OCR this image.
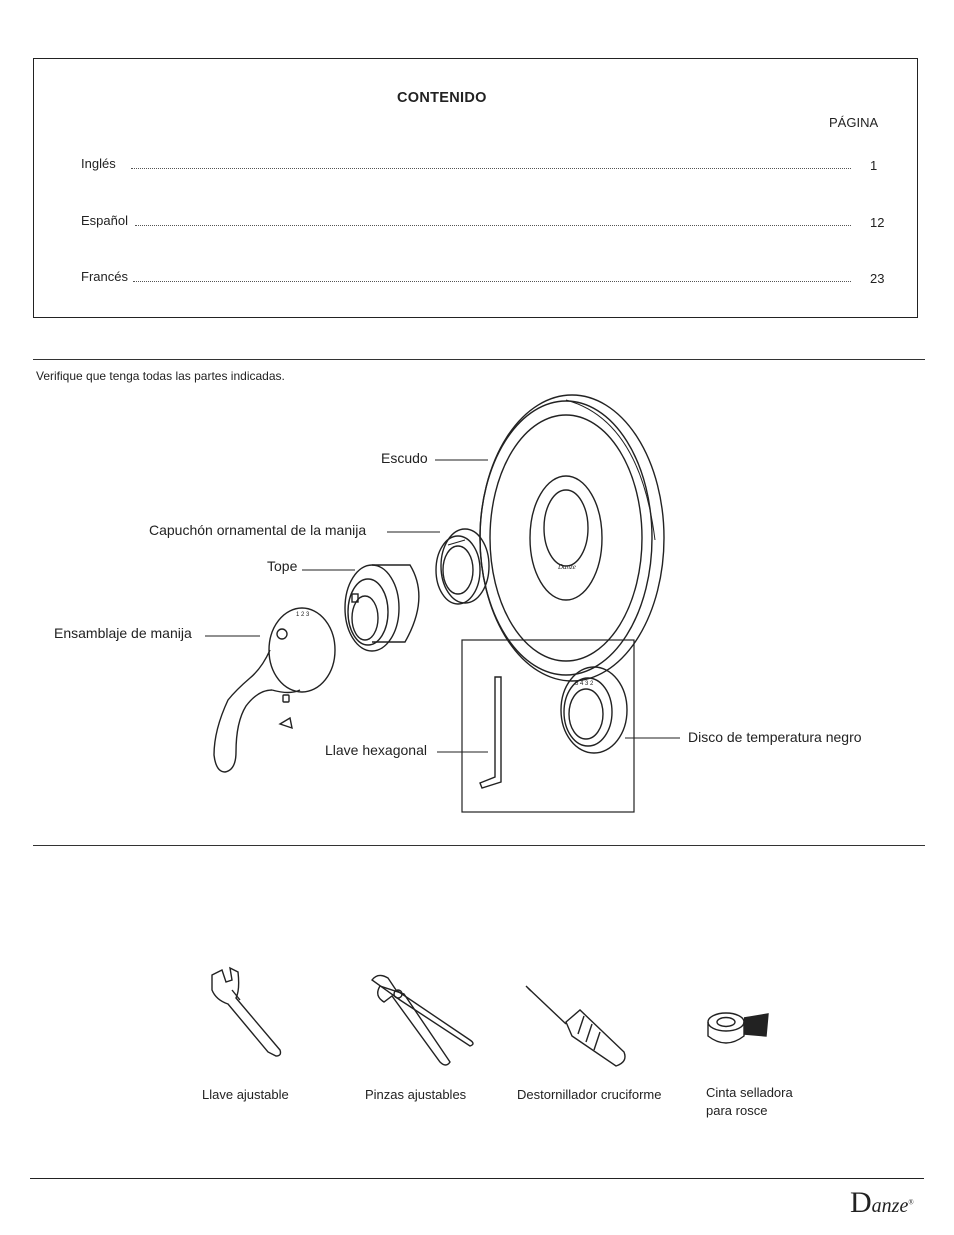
CONTENIDO
PÁGINA
Inglés	1
Español	12
Francés	23
Verifique que tenga todas las partes indicadas.
1 2 3
5 4 3 2
Escudo
Capuchón ornamental de la manija
Tope
Ensamblaje de manija
Llave hexagonal
Disco de temperatura negro
Danze
Llave ajustable	Pinzas ajustables	Destornillador cruciforme	Cinta selladora
para rosce
Danze®
